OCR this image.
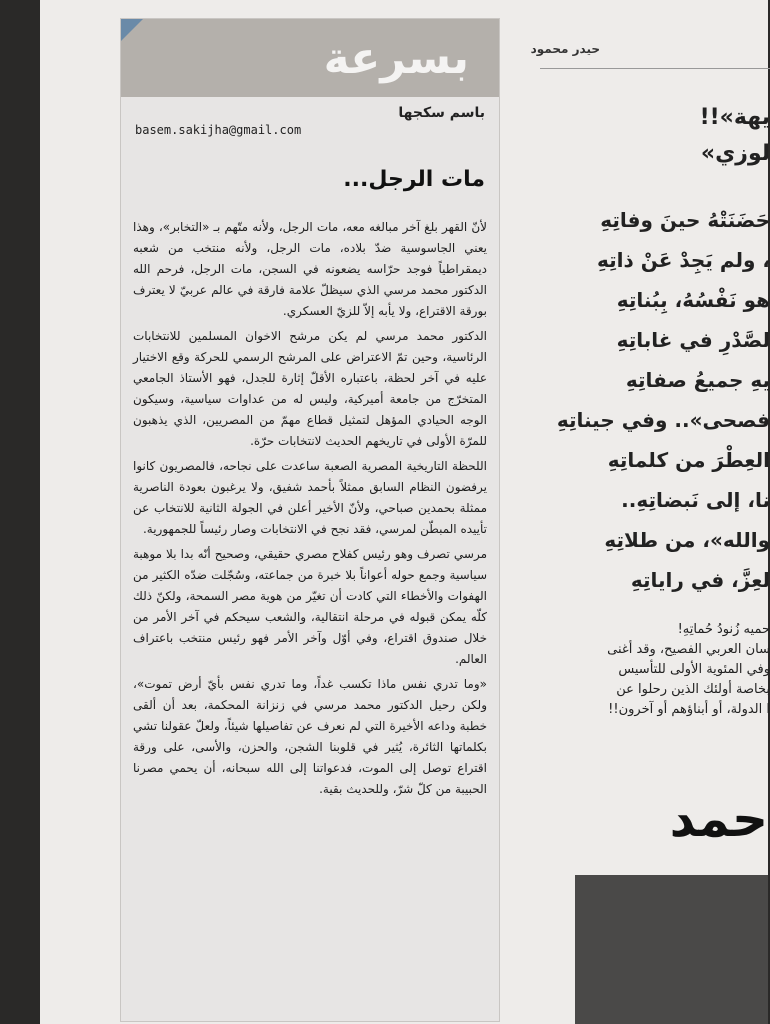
بسرعة
باسم سكجها
basem.sakijha@gmail.com
مات الرجل...

لأنّ القهر بلغ آخر مبالغه معه، مات الرجل، ولأنه متّهم بـ «التخابر»، وهذا يعني الجاسوسية ضدّ بلاده، مات الرجل، ولأنه منتخب من شعبه ديمقراطياً فوجد حرّاسه يضعونه في السجن، مات الرجل، فرحم الله الدكتور محمد مرسي الذي سيظلّ علامة فارقة في عالم عربيّ لا يعترف بورقة الاقتراع، ولا يأبه إلاّ للزيّ العسكري.

الدكتور محمد مرسي لم يكن مرشح الاخوان المسلمين للانتخابات الرئاسية، وحين تمّ الاعتراض على المرشح الرسمي للحركة وقع الاختيار عليه في آخر لحظة، باعتباره الأقلّ إثارة للجدل، فهو الأستاذ الجامعي المتخرّج من جامعة أميركية، وليس له من عداوات سياسية، وسيكون الوجه الحيادي المؤهل لتمثيل قطاع مهمّ من المصريين، الذي يذهبون للمرّة الأولى في تاريخهم الحديث لانتخابات حرّة.

اللحظة التاريخية المصرية الصعبة ساعدت على نجاحه، فالمصريون كانوا يرفضون النظام السابق ممثلاً بأحمد شفيق، ولا يرغبون بعودة الناصرية ممثلة بحمدين صباحي، ولأنّ الأخير أعلن في الجولة الثانية للانتخاب عن تأييده المبطّن لمرسي، فقد نجح في الانتخابات وصار رئيساً للجمهورية.

مرسي تصرف وهو رئيس كفلاح مصري حقيقي، وصحيح أنّه بدا بلا موهبة سياسية وجمع حوله أعواناً بلا خبرة من جماعته، وسُجّلت ضدّه الكثير من الهفوات والأخطاء التي كادت أن تغيّر من هوية مصر السمحة، ولكنّ ذلك كلّه يمكن قبوله في مرحلة انتقالية، والشعب سيحكم في آخر الأمر من خلال صندوق اقتراع، وفي أوّل وآخر الأمر فهو رئيس منتخب باعتراف العالم.

«وما تدري نفس ماذا تكسب غداً، وما تدري نفس بأيّ أرض تموت»، ولكن رحيل الدكتور محمد مرسي في زنزانة المحكمة، بعد أن ألقى خطبة وداعه الأخيرة التي لم نعرف عن تفاصيلها شيئاً، ولعلّ عقولنا تشي بكلماتها الثائرة، يُثير في قلوبنا الشجن، والحزن، والأسى، على ورقة اقتراع توصل إلى الموت، فدعواتنا إلى الله سبحانه، أن يحمي مصرنا الحبيبة من كلّ شرّ، وللحديث بقية.

حيدر محمود
يهة»!!
لوزي»
حَضَنَتْهُ حينَ وفاتِهِ
، ولم يَجِدْ عَنْ ذاتِهِ
هو نَفْسُهُ، بِبُناتِهِ
لصَّدْرِ في غاباتِهِ
يهِ جميعُ صفاتِهِ
فصحى».. وفي جيناتِهِ
العِطْرَ من كلماتِهِ
نا، إلى نَبضاتِهِ..
والله»، من طلاتِهِ
لعِزَّ، في راياتِهِ
حميه زُنودُ حُماتِهِ!
سان العربي الفصيح، وقد أغنى
وفي المئوية الأولى للتأسيس
بخاصة أولئك الذين رحلوا عن
ا الدولة، أو أبناؤهم أو آخرون!!
حمد
